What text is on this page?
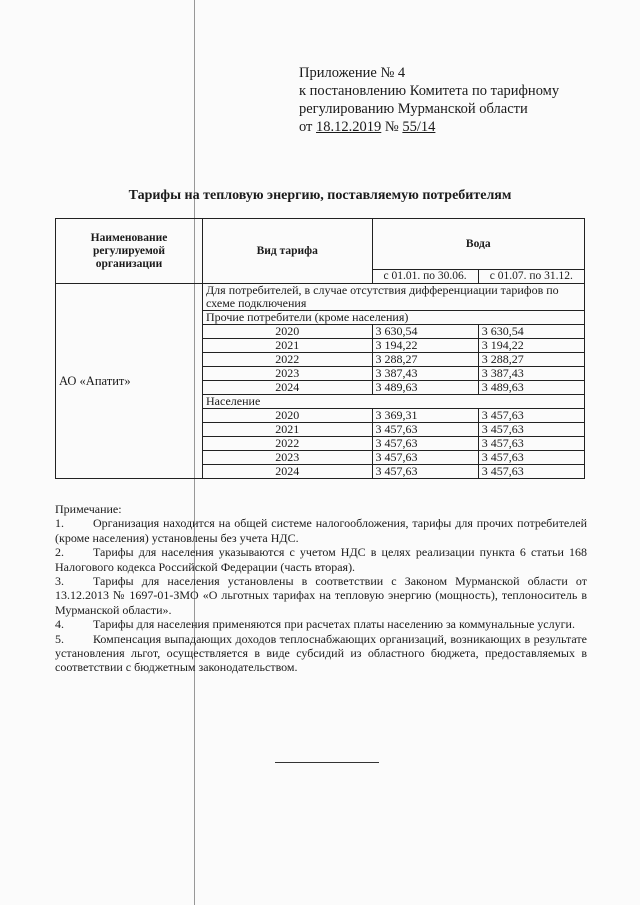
Приложение № 4
к постановлению Комитета по тарифному
регулированию Мурманской области
от 18.12.2019 № 55/14
Тарифы на тепловую энергию, поставляемую потребителям
Наименование регулируемой организации	Вид тарифа	Вода	
		с 01.01. по 30.06.	с 01.07. по 31.12.
АО «Апатит»	Для потребителей, в случае отсутствия дифференциации тарифов по схеме подключения		
	Прочие потребители (кроме населения)		
	2020	3 630,54	3 630,54
	2021	3 194,22	3 194,22
	2022	3 288,27	3 288,27
	2023	3 387,43	3 387,43
	2024	3 489,63	3 489,63
	Население		
	2020	3 369,31	3 457,63
	2021	3 457,63	3 457,63
	2022	3 457,63	3 457,63
	2023	3 457,63	3 457,63
	2024	3 457,63	3 457,63

Примечание:

1. Организация находится на общей системе налогообложения, тарифы для прочих потребителей (кроме населения) установлены без учета НДС.

2. Тарифы для населения указываются с учетом НДС в целях реализации пункта 6 статьи 168 Налогового кодекса Российской Федерации (часть вторая).

3. Тарифы для населения установлены в соответствии с Законом Мурманской области от 13.12.2013 № 1697-01-ЗМО «О льготных тарифах на тепловую энергию (мощность), теплоноситель в Мурманской области».

4. Тарифы для населения применяются при расчетах платы населению за коммунальные услуги.

5. Компенсация выпадающих доходов теплоснабжающих организаций, возникающих в результате установления льгот, осуществляется в виде субсидий из областного бюджета, предоставляемых в соответствии с бюджетным законодательством.
